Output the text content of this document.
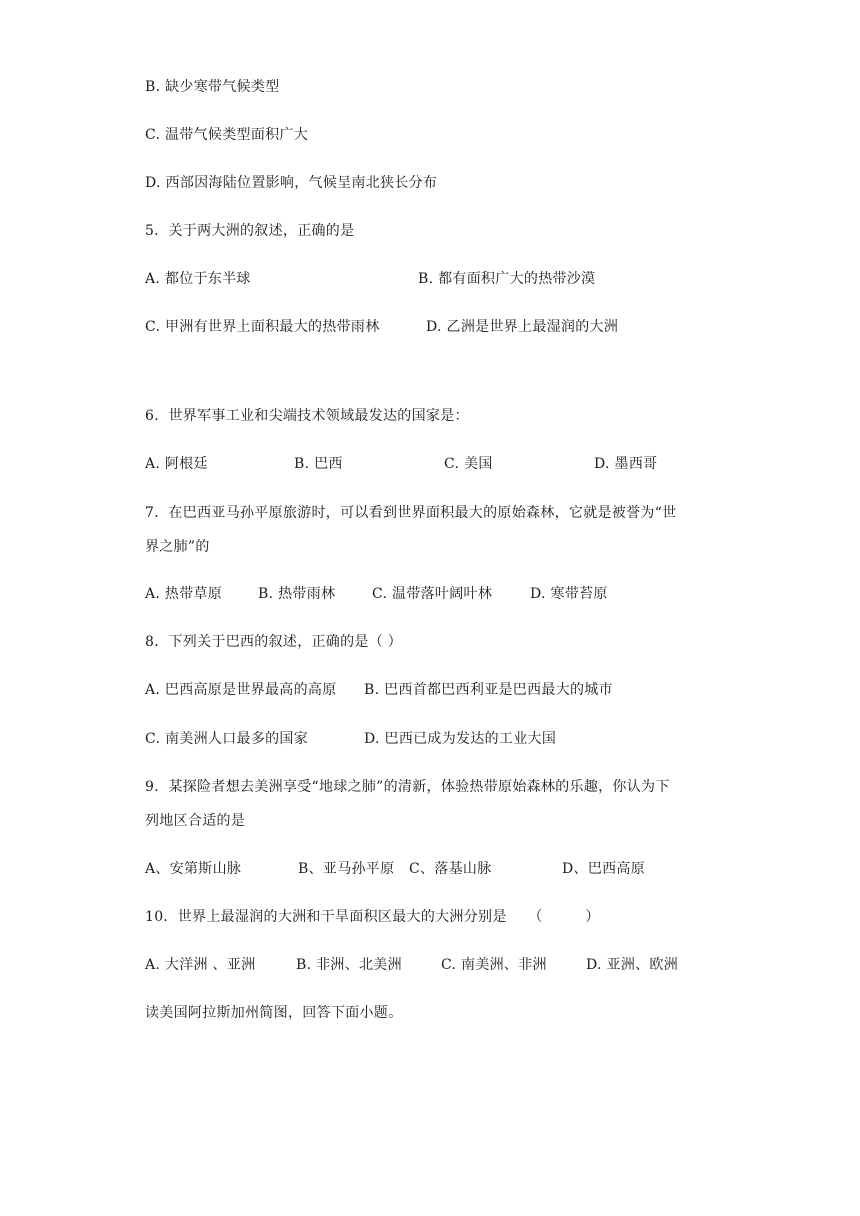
B. 缺少寒带气候类型
C. 温带气候类型面积广大
D. 西部因海陆位置影响，气候呈南北狭长分布
5．关于两大洲的叙述，正确的是
A. 都位于东半球	B. 都有面积广大的热带沙漠
C. 甲洲有世界上面积最大的热带雨林	D. 乙洲是世界上最湿润的大洲
6．世界军事工业和尖端技术领域最发达的国家是：
A. 阿根廷	B. 巴西	C. 美国	D. 墨西哥
7．在巴西亚马孙平原旅游时，可以看到世界面积最大的原始森林，它就是被誉为“世
界之肺”的
A. 热带草原	B. 热带雨林	C. 温带落叶阔叶林	D. 寒带苔原
8．下列关于巴西的叙述，正确的是（ ）
A. 巴西高原是世界最高的高原 B. 巴西首都巴西利亚是巴西最大的城市
C. 南美洲人口最多的国家	D. 巴西已成为发达的工业大国
9．某探险者想去美洲享受“地球之肺”的清新，体验热带原始森林的乐趣，你认为下
列地区合适的是
A、安第斯山脉	B、亚马孙平原 C、落基山脉	D、巴西高原
10．世界上最湿润的大洲和干旱面积区最大的大洲分别是　　（　　　）
A. 大洋洲 、亚洲	B. 非洲、北美洲	C. 南美洲、非洲	D. 亚洲、欧洲
读美国阿拉斯加州简图，回答下面小题。
